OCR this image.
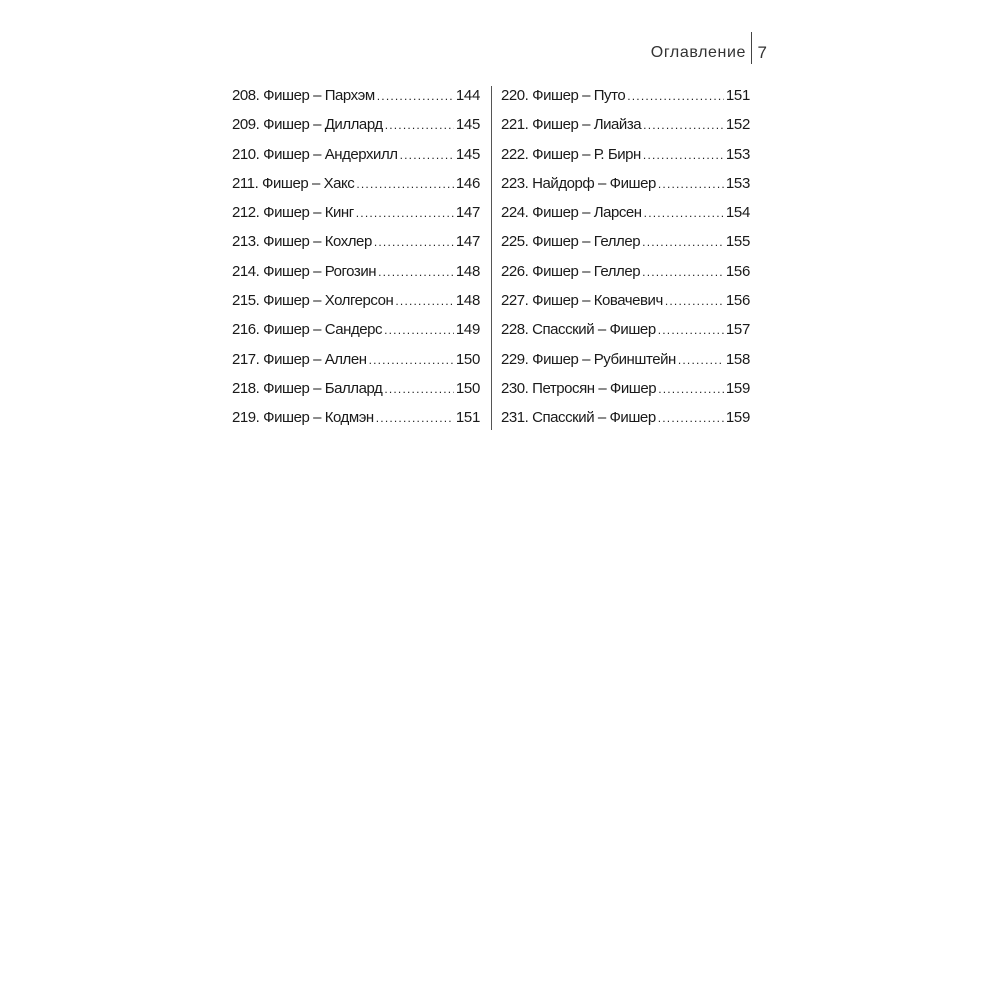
Оглавление 7
208. Фишер – Пархэм .....	144
209. Фишер – Диллард .....	145
210. Фишер – Андерхилл .....	145
211. Фишер – Хакс .....	146
212. Фишер – Кинг .....	147
213. Фишер – Кохлер .....	147
214. Фишер – Рогозин .....	148
215. Фишер – Холгерсон .....	148
216. Фишер – Сандерс .....	149
217. Фишер – Аллен .....	150
218. Фишер – Баллард .....	150
219. Фишер – Кодмэн .....	151
220. Фишер – Путо .....	151
221. Фишер – Лиайза .....	152
222. Фишер – Р. Бирн .....	153
223. Найдорф – Фишер .....	153
224. Фишер – Ларсен .....	154
225. Фишер – Геллер .....	155
226. Фишер – Геллер .....	156
227. Фишер – Ковачевич .....	156
228. Спасский – Фишер .....	157
229. Фишер – Рубинштейн .....	158
230. Петросян – Фишер .....	159
231. Спасский – Фишер .....	159
